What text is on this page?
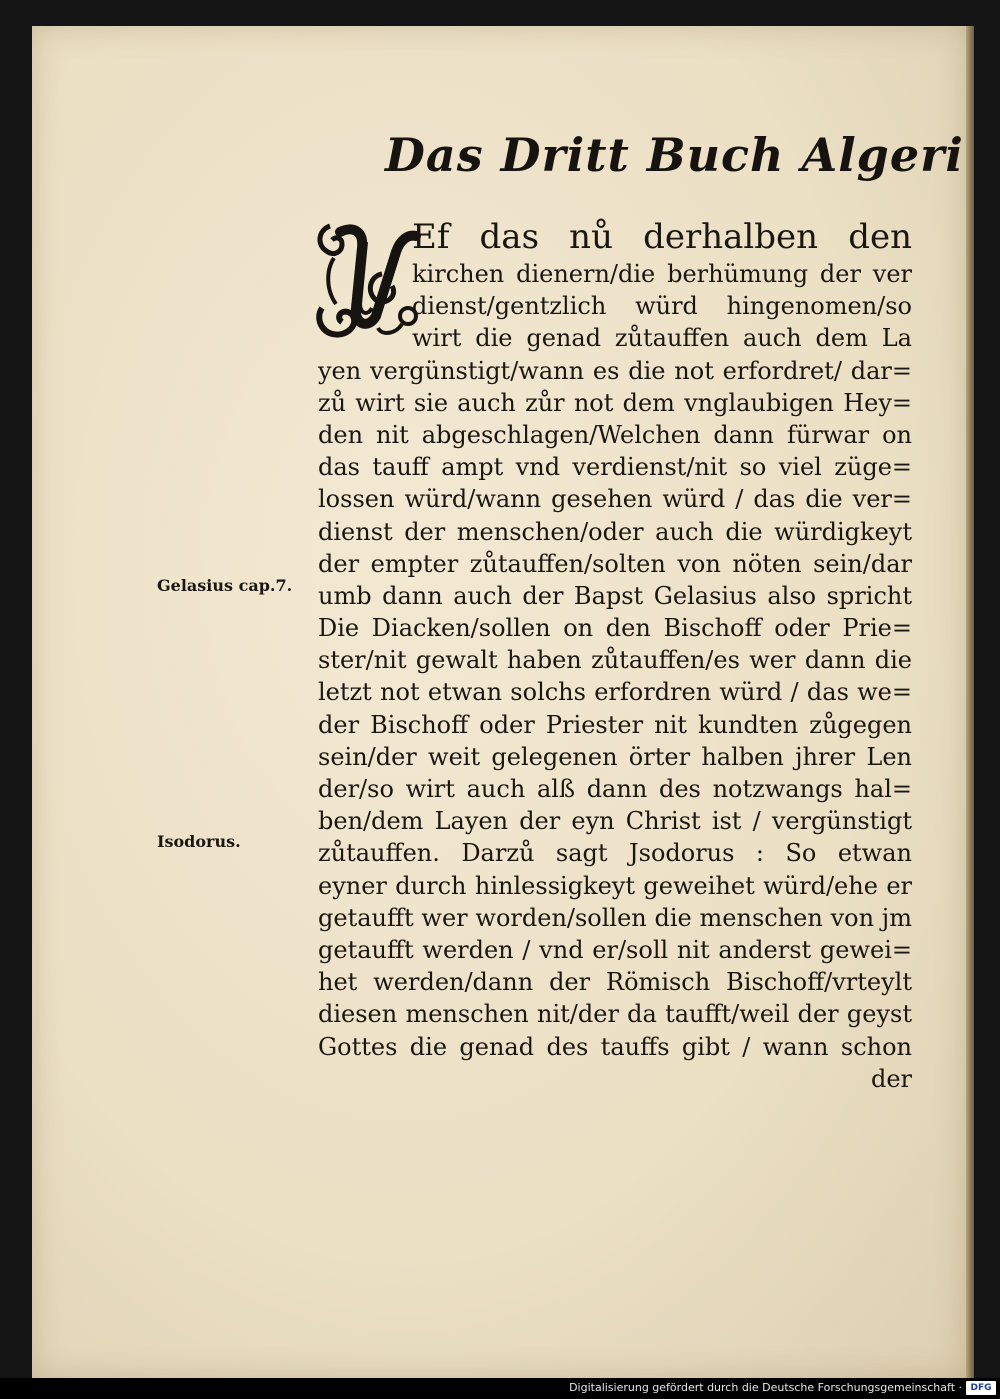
Das Dritt Buch Algeri
Ef das nů derhalben den
kirchen dienern/die berhümung der ver
dienst/gentzlich würd hingenomen/so
wirt die genad zůtauffen auch dem La
yen vergünstigt/wann es die not erfordret/ dar=
zů wirt sie auch zůr not dem vnglaubigen Hey=
den nit abgeschlagen/Welchen dann fürwar on
das tauff ampt vnd verdienst/nit so viel züge=
lossen würd/wann gesehen würd / das die ver=
dienst der menschen/oder auch die würdigkeyt
der empter zůtauffen/solten von nöten sein/dar
umb dann auch der Bapst Gelasius also spricht
Die Diacken/sollen on den Bischoff oder Prie=
ster/nit gewalt haben zůtauffen/es wer dann die
letzt not etwan solchs erfordren würd / das we=
der Bischoff oder Priester nit kundten zůgegen
sein/der weit gelegenen örter halben jhrer Len
der/so wirt auch alß dann des notzwangs hal=
ben/dem Layen der eyn Christ ist / vergünstigt
zůtauffen. Darzů sagt Jsodorus : So etwan
eyner durch hinlessigkeyt geweihet würd/ehe er
getaufft wer worden/sollen die menschen von jm
getaufft werden / vnd er/soll nit anderst gewei=
het werden/dann der Römisch Bischoff/vrteylt
diesen menschen nit/der da taufft/weil der geyst
Gottes die genad des tauffs gibt / wann schon
der
Gelasius cap.7.
Isodorus.
Digitalisierung gefördert durch die Deutsche Forschungsgemeinschaft · DFG
